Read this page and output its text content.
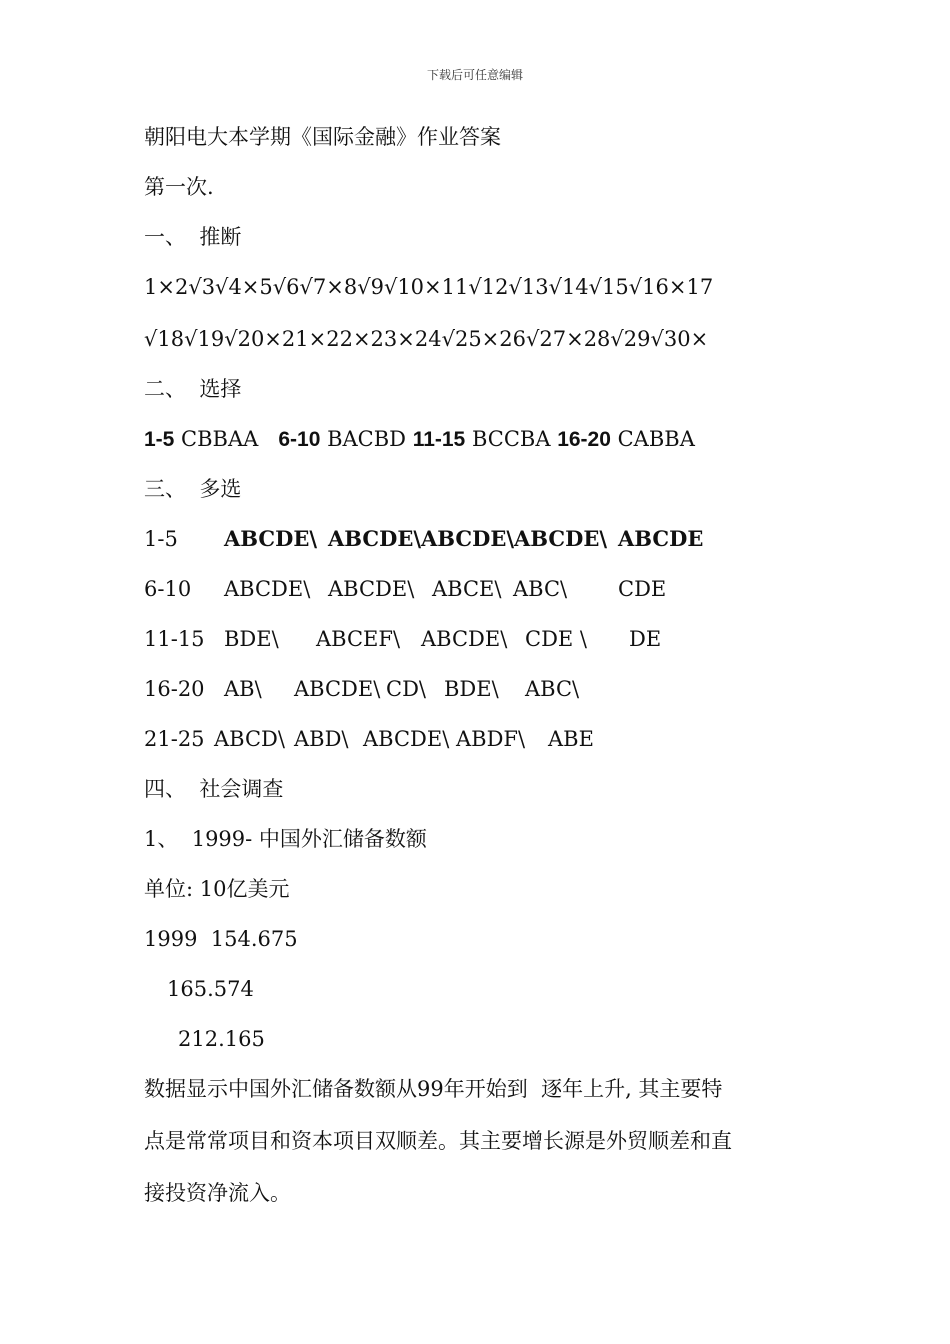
下载后可任意编辑
朝阳电大本学期《国际金融》作业答案
第一次.
一、  推断
1×2√3√4×5√6√7×8√9√10×11√12√13√14√15√16×17
√18√19√20×21×22×23×24√25×26√27×28√29√30×
二、  选择
1-5 CBBAA 6-10 BACBD 11-15 BCCBA 16-20 CABBA
三、  多选

1-5

ABCDE\

ABCDE\

ABCDE\

ABCDE\

ABCDE

6-10

ABCDE\

ABCDE\

ABCE\

ABC\

CDE

11-15

BDE\

ABCEF\

ABCDE\

CDE \

DE

16-20

AB\

ABCDE\

CD\

BDE\

ABC\

21-25

ABCD\

ABD\

ABCDE\

ABDF\

ABE

四、  社会调查
1、  1999- 中国外汇储备数额
单位: 10亿美元
1999  154.675
165.574
212.165
数据显示中国外汇储备数额从99年开始到  逐年上升, 其主要特
点是常常项目和资本项目双顺差。其主要增长源是外贸顺差和直
接投资净流入。
